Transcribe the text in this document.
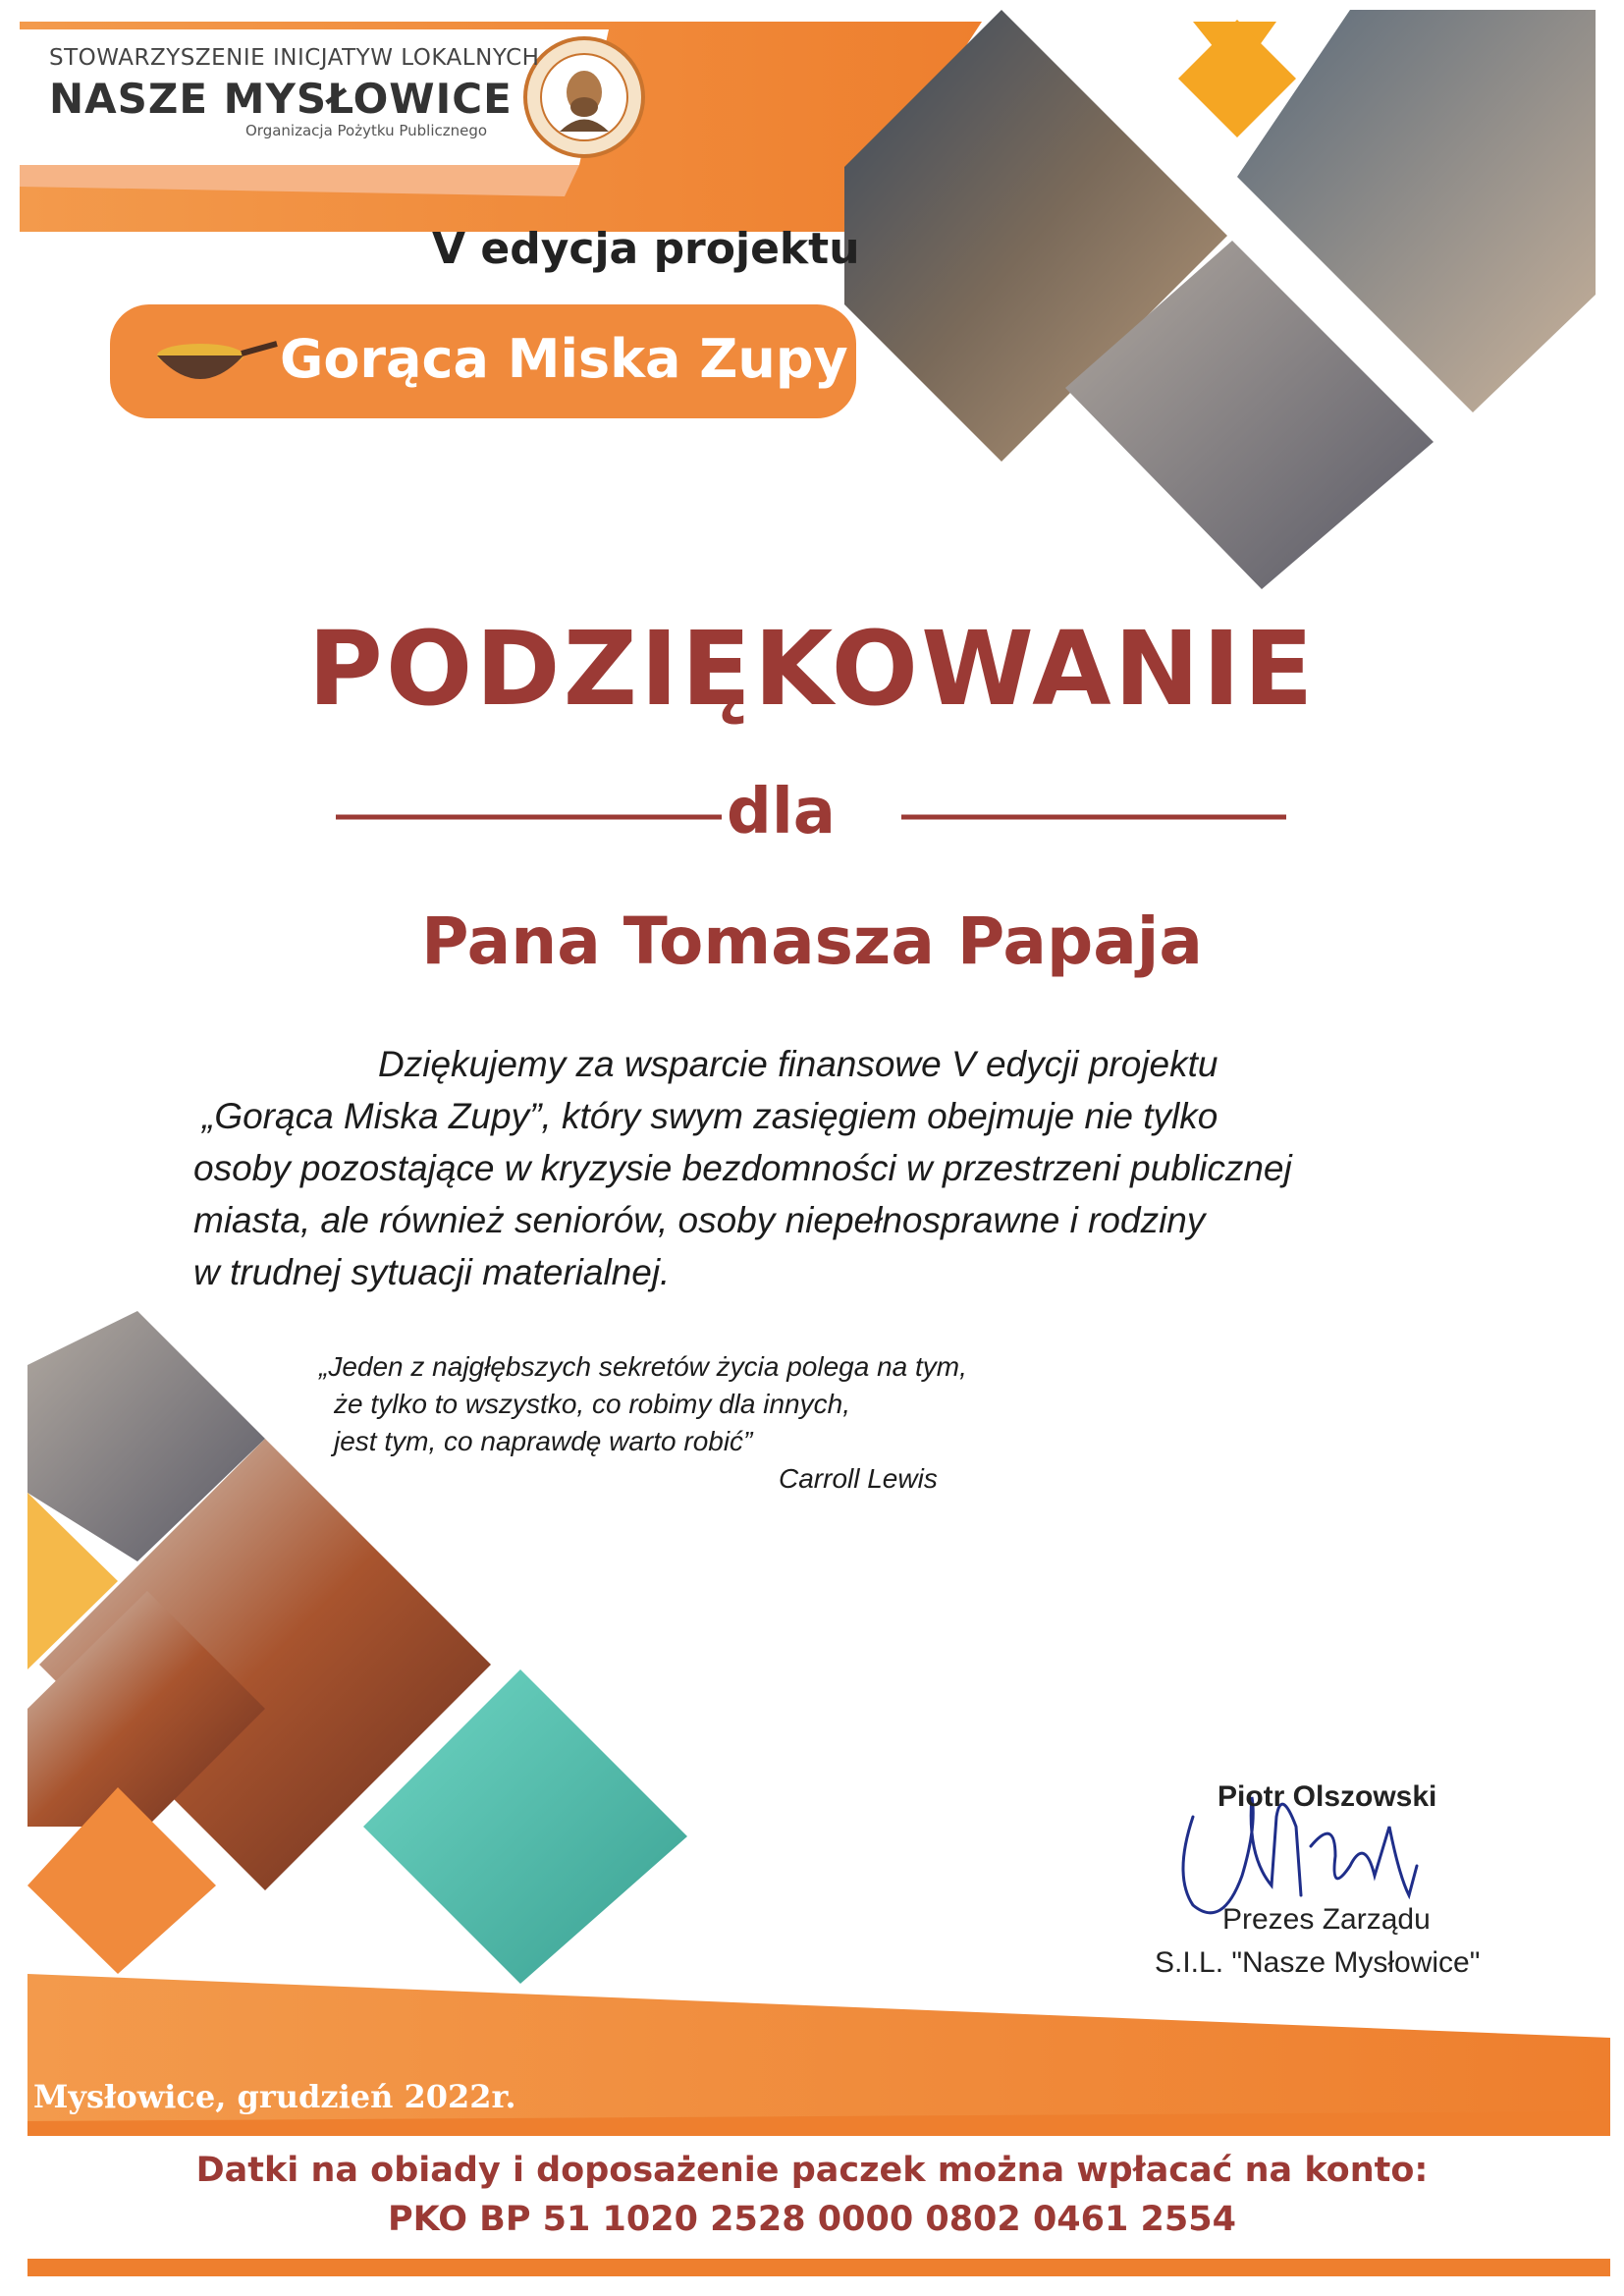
STOWARZYSZENIE INICJATYW LOKALNYCH
NASZE MYSŁOWICE
Organizacja Pożytku Publicznego
V edycja projektu
Gorąca Miska Zupy
PODZIĘKOWANIE
dla
Pana Tomasza Papaja
Dziękujemy za wsparcie finansowe V edycji projektu
„Gorąca Miska Zupy”, który swym zasięgiem obejmuje nie tylko
osoby pozostające w kryzysie bezdomności w przestrzeni publicznej
miasta, ale również seniorów, osoby niepełnosprawne i rodziny
w trudnej sytuacji materialnej.
„Jeden z najgłębszych sekretów życia polega na tym,
że tylko to wszystko, co robimy dla innych,
jest tym, co naprawdę warto robić”
Carroll Lewis
Piotr Olszowski
Prezes Zarządu
S.I.L. "Nasze Mysłowice"
Mysłowice, grudzień 2022r.
Datki na obiady i doposażenie paczek można wpłacać na konto:
PKO BP 51 1020 2528 0000 0802 0461 2554
